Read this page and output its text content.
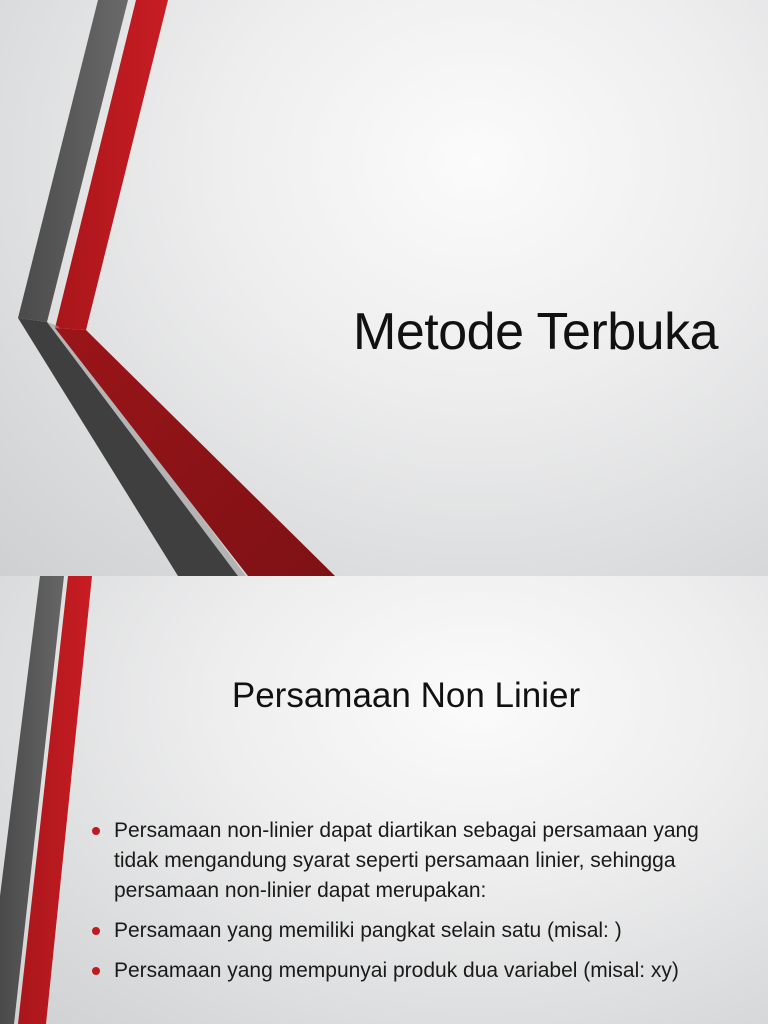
Metode Terbuka
Persamaan Non Linier
Persamaan non-linier dapat diartikan sebagai persamaan yang tidak mengandung syarat seperti persamaan linier, sehingga persamaan non-linier dapat merupakan:
Persamaan yang memiliki pangkat selain satu (misal: )
Persamaan yang mempunyai produk dua variabel (misal: xy)
